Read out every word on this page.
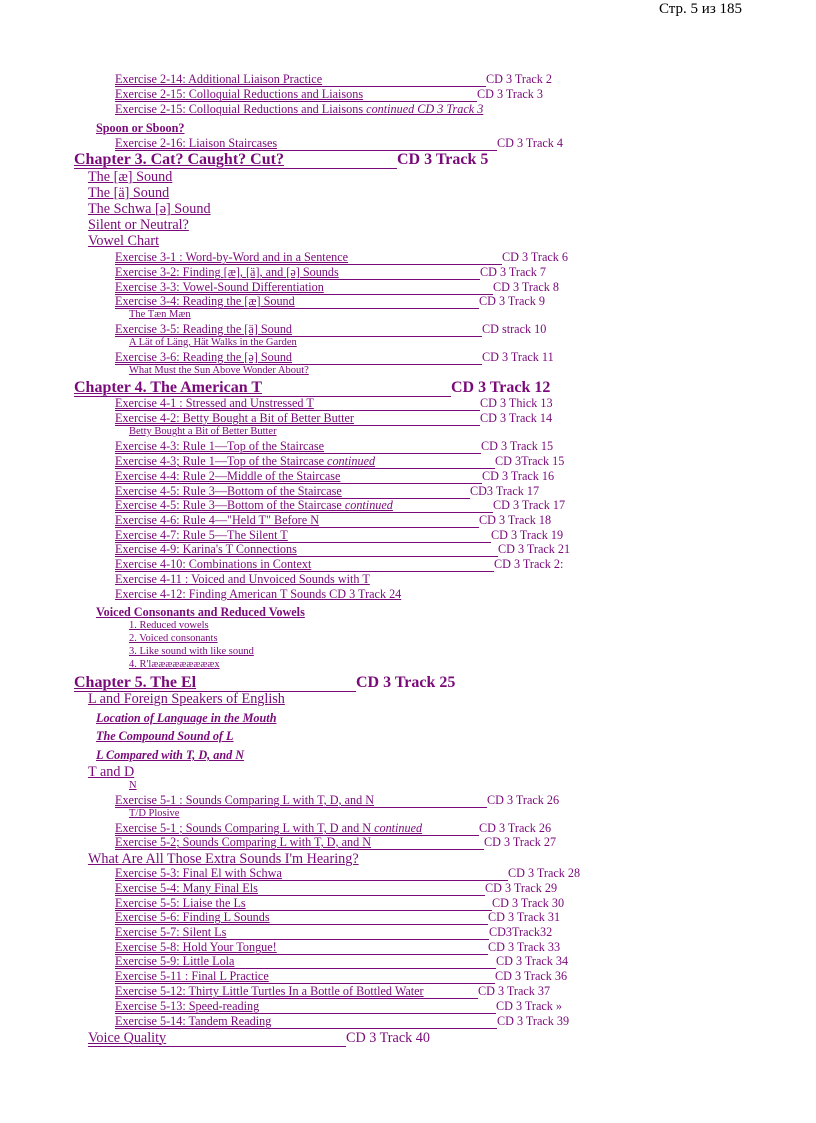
Стр. 5 из 185
Exercise 2-14: Additional Liaison Practice	CD 3 Track 2
Exercise 2-15: Colloquial Reductions and Liaisons	CD 3 Track 3
Exercise 2-15: Colloquial Reductions and Liaisons continued CD 3 Track 3
Spoon or Sboon?
Exercise 2-16: Liaison Staircases	CD 3 Track 4
Chapter 3. Cat? Caught? Cut?	CD 3 Track 5
The [æ] Sound
The [ä] Sound
The Schwa [ə] Sound
Silent or Neutral?
Vowel Chart
Exercise 3-1 : Word-by-Word and in a Sentence	CD 3 Track 6
Exercise 3-2: Finding [æ], [ä], and [ə] Sounds	CD 3 Track 7
Exercise 3-3: Vowel-Sound Differentiation	CD 3 Track 8
Exercise 3-4: Reading the [æ] Sound	CD 3 Track 9
The Tæn Mæn
Exercise 3-5: Reading the [ä] Sound	CD strack 10
A Lät of Läng, Hät Walks in the Garden
Exercise 3-6: Reading the [ə] Sound	CD 3 Track 11
What Must the Sun Above Wonder About?
Chapter 4. The American T	CD 3 Track 12
Exercise 4-1 : Stressed and Unstressed T	CD 3 Thick 13
Exercise 4-2: Betty Bought a Bit of Better Butter	CD 3 Track 14
Betty Bought a Bit of Better Butter
Exercise 4-3: Rule 1—Top of the Staircase	CD 3 Track 15
Exercise 4-3; Rule 1—Top of the Staircase continued	CD 3Track 15
Exercise 4-4: Rule 2—Middle of the Staircase	CD 3 Track 16
Exercise 4-5: Rule 3—Bottom of the Staircase	CD3 Track 17
Exercise 4-5: Rule 3—Bottom of the Staircase continued	CD 3 Track 17
Exercise 4-6: Rule 4—"Held T" Before N	CD 3 Track 18
Exercise 4-7: Rule 5—The Silent T	CD 3 Track 19
Exercise 4-9: Karina's T Connections	CD 3 Track 21
Exercise 4-10: Combinations in Context	CD 3 Track 2:
Exercise 4-11 : Voiced and Unvoiced Sounds with T
Exercise 4-12: Finding American T Sounds CD 3 Track 24
Voiced Consonants and Reduced Vowels
1. Reduced vowels
2. Voiced consonants
3. Like sound with like sound
4. R'læææææææææx
Chapter 5. The El	CD 3 Track 25
L and Foreign Speakers of English
Location of Language in the Mouth
The Compound Sound of L
L Compared with T, D, and N
T and D
N
Exercise 5-1 : Sounds Comparing L with T, D, and N	CD 3 Track 26
T/D Plosive
Exercise 5-1 ; Sounds Comparing L with T, D and N continued	CD 3 Track 26
Exercise 5-2; Sounds Comparing L with T, D, and N	CD 3 Track 27
What Are All Those Extra Sounds I'm Hearing?
Exercise 5-3: Final El with Schwa	CD 3 Track 28
Exercise 5-4: Many Final Els	CD 3 Track 29
Exercise 5-5: Liaise the Ls	CD 3 Track 30
Exercise 5-6: Finding L Sounds	CD 3 Track 31
Exercise 5-7: Silent Ls	CD3Track32
Exercise 5-8: Hold Your Tongue!	CD 3 Track 33
Exercise 5-9: Little Lola	CD 3 Track 34
Exercise 5-11 : Final L Practice	CD 3 Track 36
Exercise 5-12: Thirty Little Turtles In a Bottle of Bottled Water	CD 3 Track 37
Exercise 5-13: Speed-reading	CD 3 Track »
Exercise 5-14: Tandem Reading	CD 3 Track 39
Voice Quality	CD 3 Track 40
